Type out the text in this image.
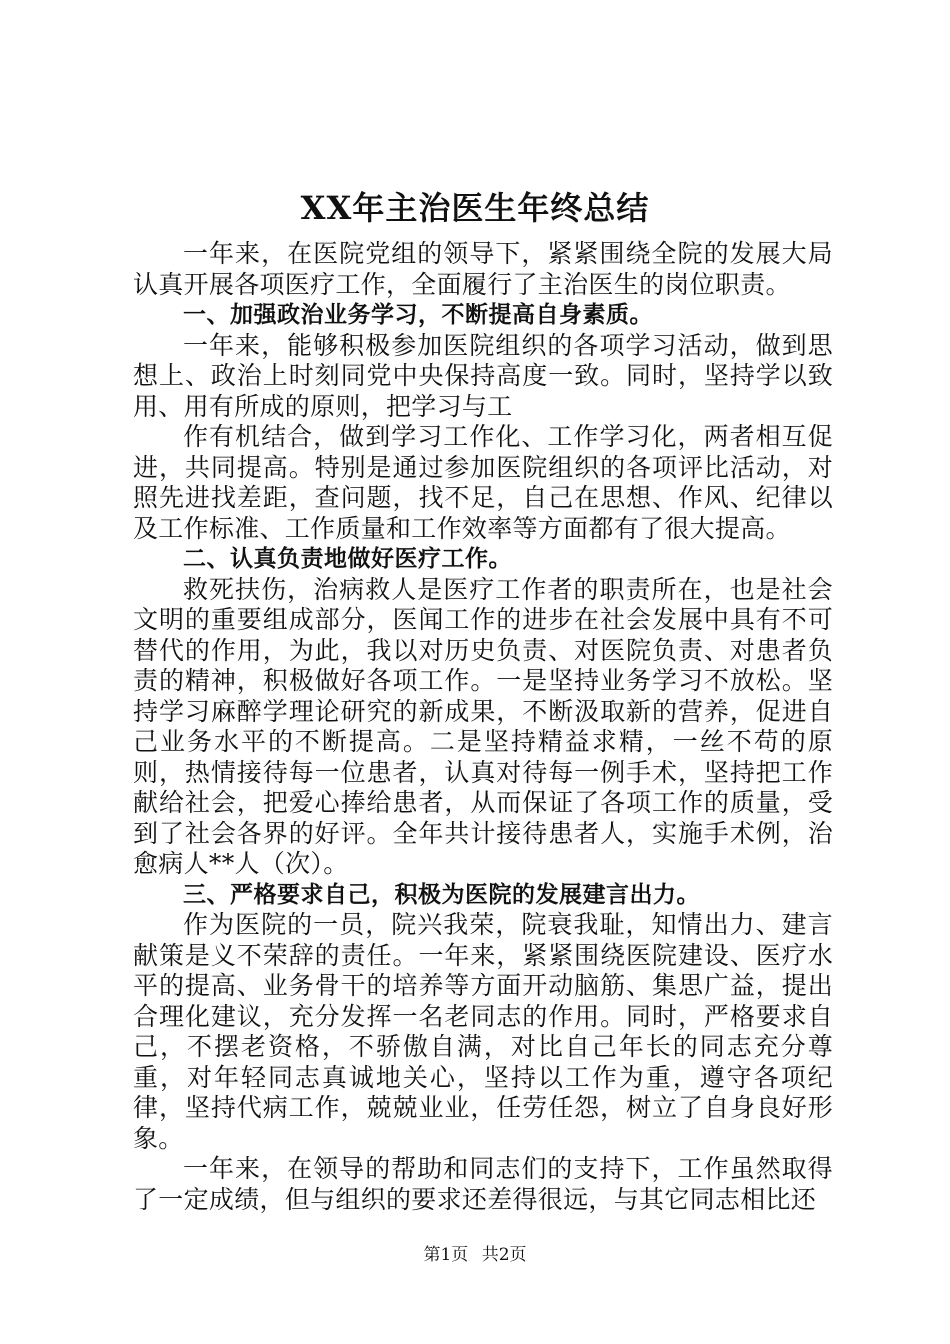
XX年主治医生年终总结

一年来，在医院党组的领导下，紧紧围绕全院的发展大局认真开展各项医疗工作，全面履行了主治医生的岗位职责。

一、加强政治业务学习，不断提高自身素质。

一年来，能够积极参加医院组织的各项学习活动，做到思想上、政治上时刻同党中央保持高度一致。同时，坚持学以致用、用有所成的原则，把学习与工

作有机结合，做到学习工作化、工作学习化，两者相互促进，共同提高。特别是通过参加医院组织的各项评比活动，对照先进找差距，查问题，找不足，自己在思想、作风、纪律以及工作标准、工作质量和工作效率等方面都有了很大提高。

二、认真负责地做好医疗工作。

救死扶伤，治病救人是医疗工作者的职责所在，也是社会文明的重要组成部分，医闻工作的进步在社会发展中具有不可替代的作用，为此，我以对历史负责、对医院负责、对患者负责的精神，积极做好各项工作。一是坚持业务学习不放松。坚持学习麻醉学理论研究的新成果，不断汲取新的营养，促进自己业务水平的不断提高。二是坚持精益求精，一丝不苟的原则，热情接待每一位患者，认真对待每一例手术，坚持把工作献给社会，把爱心捧给患者，从而保证了各项工作的质量，受到了社会各界的好评。全年共计接待患者人，实施手术例，治愈病人**人（次）。

三、严格要求自己，积极为医院的发展建言出力。

作为医院的一员，院兴我荣，院衰我耻，知情出力、建言献策是义不荣辞的责任。一年来，紧紧围绕医院建设、医疗水平的提高、业务骨干的培养等方面开动脑筋、集思广益，提出合理化建议，充分发挥一名老同志的作用。同时，严格要求自己，不摆老资格，不骄傲自满，对比自己年长的同志充分尊重，对年轻同志真诚地关心，坚持以工作为重，遵守各项纪律，坚持代病工作，兢兢业业，任劳任怨，树立了自身良好形象。

一年来，在领导的帮助和同志们的支持下，工作虽然取得了一定成绩，但与组织的要求还差得很远，与其它同志相比还

第1页 共2页
